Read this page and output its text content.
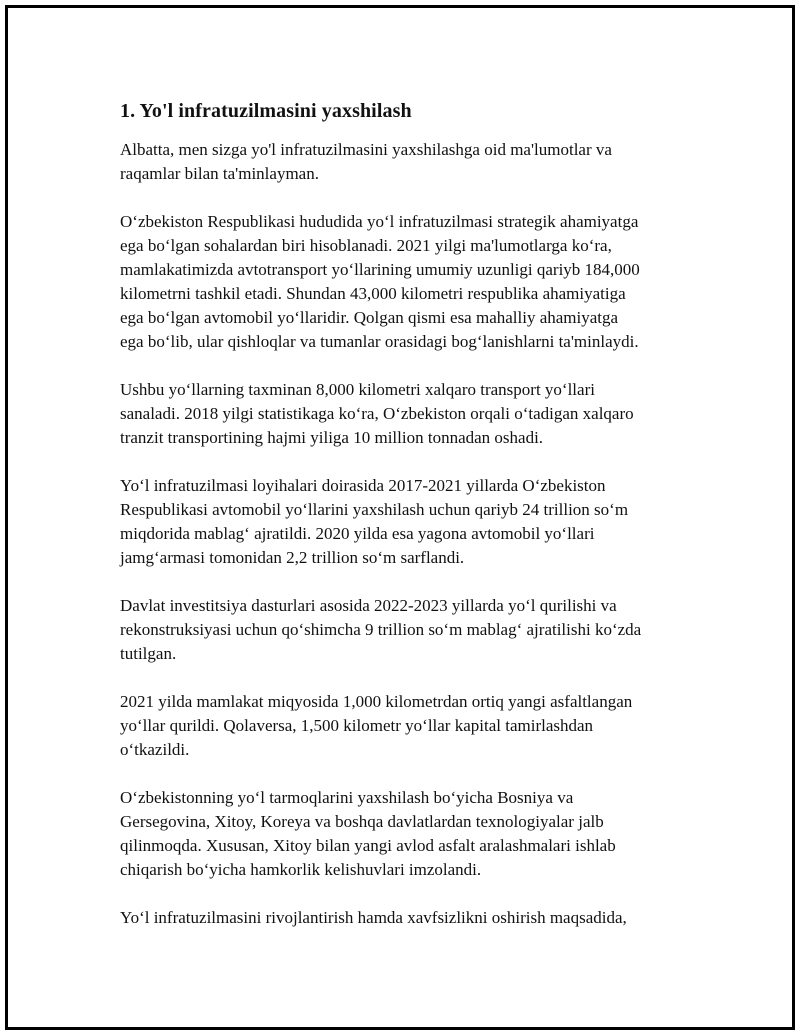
1. Yo'l infratuzilmasini yaxshilash
Albatta, men sizga yo'l infratuzilmasini yaxshilashga oid ma'lumotlar va
raqamlar bilan ta'minlayman.
O‘zbekiston Respublikasi hududida yo‘l infratuzilmasi strategik ahamiyatga
ega bo‘lgan sohalardan biri hisoblanadi. 2021 yilgi ma'lumotlarga ko‘ra,
mamlakatimizda avtotransport yo‘llarining umumiy uzunligi qariyb 184,000
kilometrni tashkil etadi. Shundan 43,000 kilometri respublika ahamiyatiga
ega bo‘lgan avtomobil yo‘llaridir. Qolgan qismi esa mahalliy ahamiyatga
ega bo‘lib, ular qishloqlar va tumanlar orasidagi bog‘lanishlarni ta'minlaydi.
Ushbu yo‘llarning taxminan 8,000 kilometri xalqaro transport yo‘llari
sanaladi. 2018 yilgi statistikaga ko‘ra, O‘zbekiston orqali o‘tadigan xalqaro
tranzit transportining hajmi yiliga 10 million tonnadan oshadi.
Yo‘l infratuzilmasi loyihalari doirasida 2017-2021 yillarda O‘zbekiston
Respublikasi avtomobil yo‘llarini yaxshilash uchun qariyb 24 trillion so‘m
miqdorida mablag‘ ajratildi. 2020 yilda esa yagona avtomobil yo‘llari
jamg‘armasi tomonidan 2,2 trillion so‘m sarflandi.
Davlat investitsiya dasturlari asosida 2022-2023 yillarda yo‘l qurilishi va
rekonstruksiyasi uchun qo‘shimcha 9 trillion so‘m mablag‘ ajratilishi ko‘zda
tutilgan.
2021 yilda mamlakat miqyosida 1,000 kilometrdan ortiq yangi asfaltlangan
yo‘llar qurildi. Qolaversa, 1,500 kilometr yo‘llar kapital tamirlashdan
o‘tkazildi.
O‘zbekistonning yo‘l tarmoqlarini yaxshilash bo‘yicha Bosniya va
Gersegovina, Xitoy, Koreya va boshqa davlatlardan texnologiyalar jalb
qilinmoqda. Xususan, Xitoy bilan yangi avlod asfalt aralashmalari ishlab
chiqarish bo‘yicha hamkorlik kelishuvlari imzolandi.
Yo‘l infratuzilmasini rivojlantirish hamda xavfsizlikni oshirish maqsadida,
